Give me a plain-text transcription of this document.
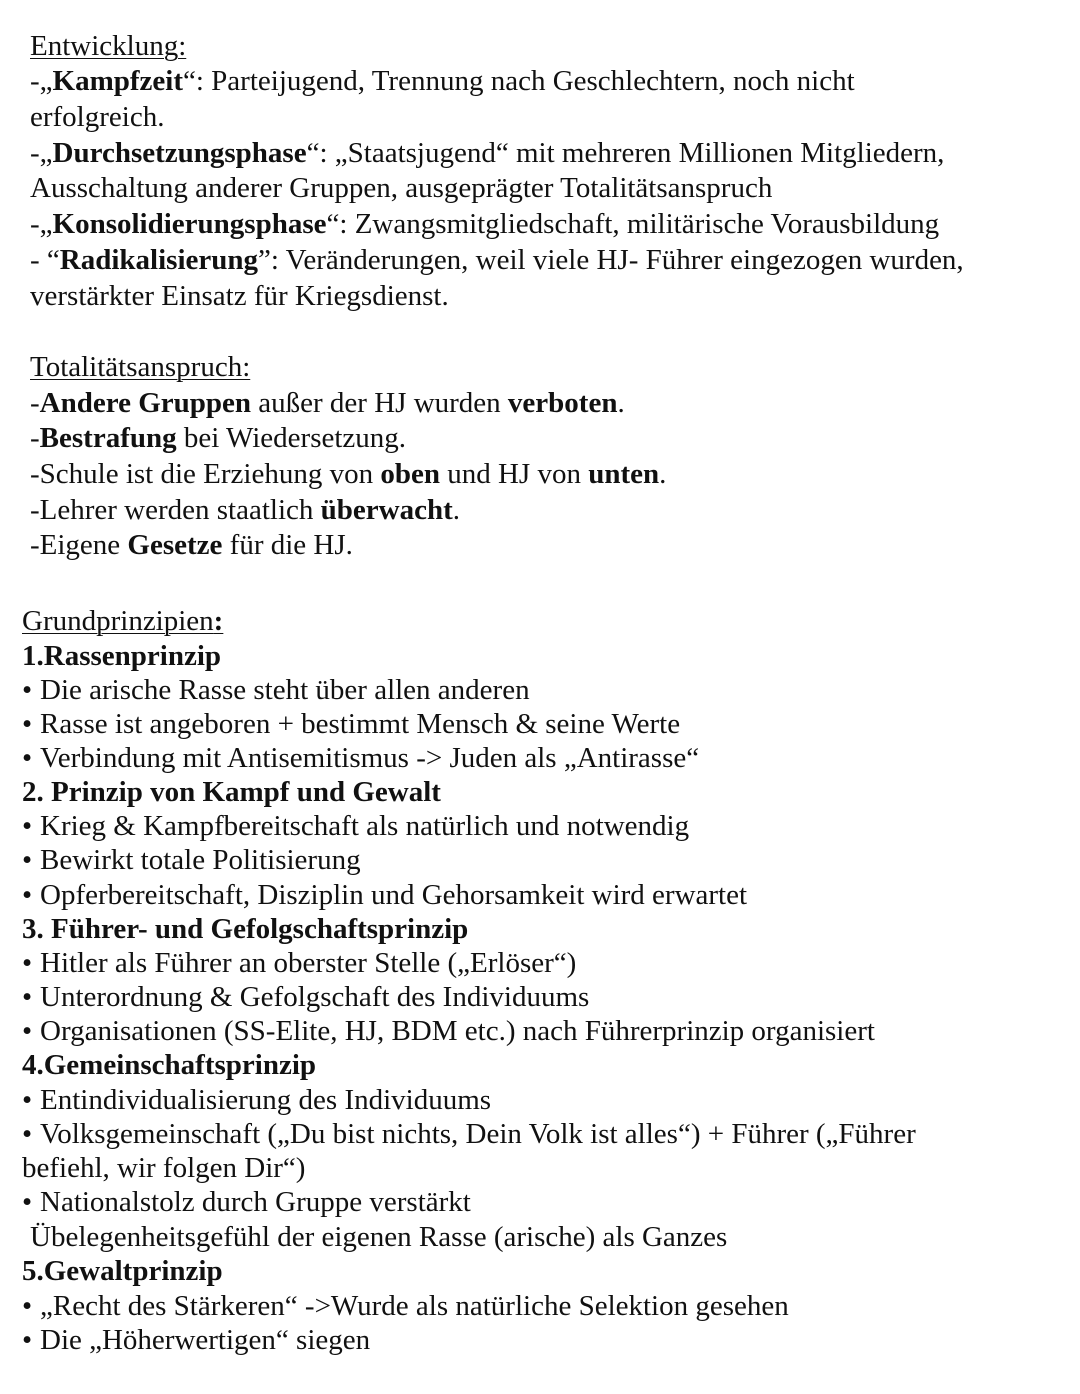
Entwicklung:
-„Kampfzeit“: Parteijugend, Trennung nach Geschlechtern, noch nicht
erfolgreich.
-„Durchsetzungsphase“: „Staatsjugend“ mit mehreren Millionen Mitgliedern,
Ausschaltung anderer Gruppen, ausgeprägter Totalitätsanspruch
-„Konsolidierungsphase“: Zwangsmitgliedschaft, militärische Vorausbildung
- “Radikalisierung”: Veränderungen, weil viele HJ- Führer eingezogen wurden,
verstärkter Einsatz für Kriegsdienst.
Totalitätsanspruch:
-Andere Gruppen außer der HJ wurden verboten.
-Bestrafung bei Wiedersetzung.
-Schule ist die Erziehung von oben und HJ von unten.
-Lehrer werden staatlich überwacht.
-Eigene Gesetze für die HJ.
Grundprinzipien:
1.Rassenprinzip
• Die arische Rasse steht über allen anderen
• Rasse ist angeboren + bestimmt Mensch & seine Werte
• Verbindung mit Antisemitismus -> Juden als „Antirasse“
2. Prinzip von Kampf und Gewalt
• Krieg & Kampfbereitschaft als natürlich und notwendig
• Bewirkt totale Politisierung
• Opferbereitschaft, Disziplin und Gehorsamkeit wird erwartet
3. Führer- und Gefolgschaftsprinzip
• Hitler als Führer an oberster Stelle („Erlöser“)
• Unterordnung & Gefolgschaft des Individuums
• Organisationen (SS-Elite, HJ, BDM etc.) nach Führerprinzip organisiert
4.Gemeinschaftsprinzip
• Entindividualisierung des Individuums
• Volksgemeinschaft („Du bist nichts, Dein Volk ist alles“) + Führer („Führer
befiehl, wir folgen Dir“)
• Nationalstolz durch Gruppe verstärkt
Übelegenheitsgefühl der eigenen Rasse (arische) als Ganzes
5.Gewaltprinzip
• „Recht des Stärkeren“ ->Wurde als natürliche Selektion gesehen
• Die „Höherwertigen“ siegen
